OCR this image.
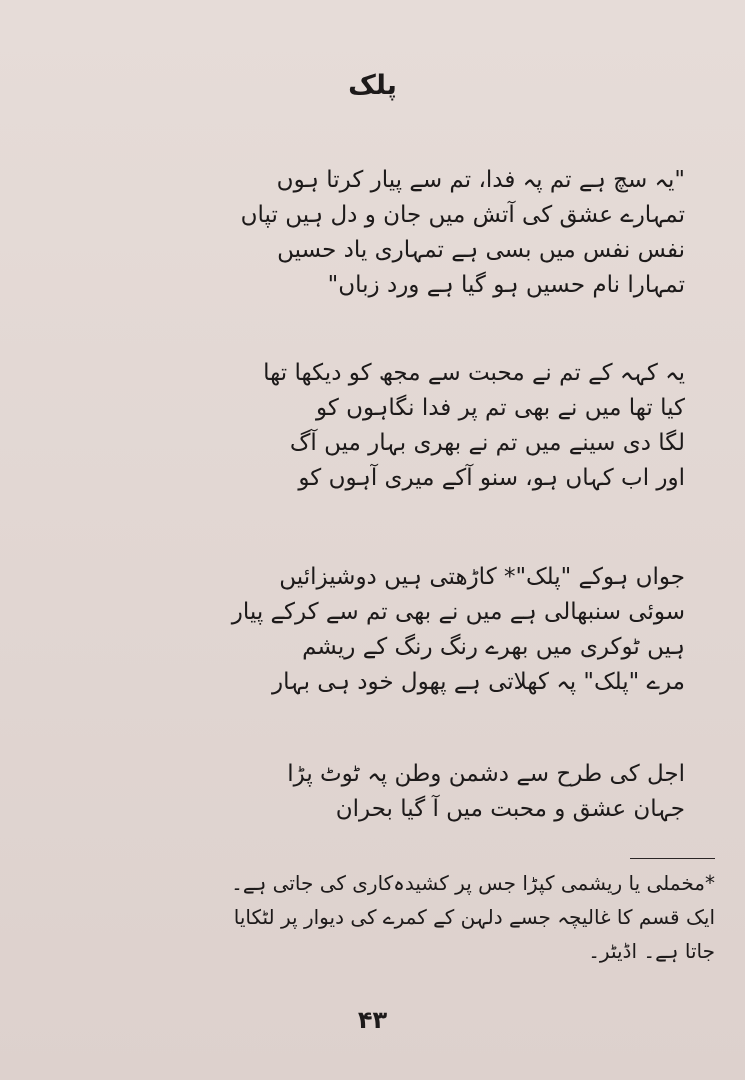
پلک
"یہ سچ ہے تم پہ فدا، تم سے پیار کرتا ہوں
تمہارے عشق کی آتش میں جان و دل ہیں تپاں
نفس نفس میں بسی ہے تمہاری یاد حسیں
تمہارا نام حسیں ہو گیا ہے ورد زباں"
یہ کہہ کے تم نے محبت سے مجھ کو دیکھا تھا
کیا تھا میں نے بھی تم پر فدا نگاہوں کو
لگا دی سینے میں تم نے بھری بہار میں آگ
اور اب کہاں ہو، سنو آکے میری آہوں کو
جواں ہوکے "پلک"* کاڑھتی ہیں دوشیزائیں
سوئی سنبھالی ہے میں نے بھی تم سے کرکے پیار
ہیں ٹوکری میں بھرے رنگ رنگ کے ریشم
مرے "پلک" پہ کھلاتی ہے پھول خود ہی بہار
اجل کی طرح سے دشمن وطن پہ ٹوٹ پڑا
جہان عشق و محبت میں آ گیا بحران
*مخملی یا ریشمی کپڑا جس پر کشیدہ‌کاری کی جاتی ہے۔
ایک قسم کا غالیچہ جسے دلہن کے کمرے کی دیوار پر لٹکایا
جاتا ہے۔ اڈیٹر۔
۴۳
